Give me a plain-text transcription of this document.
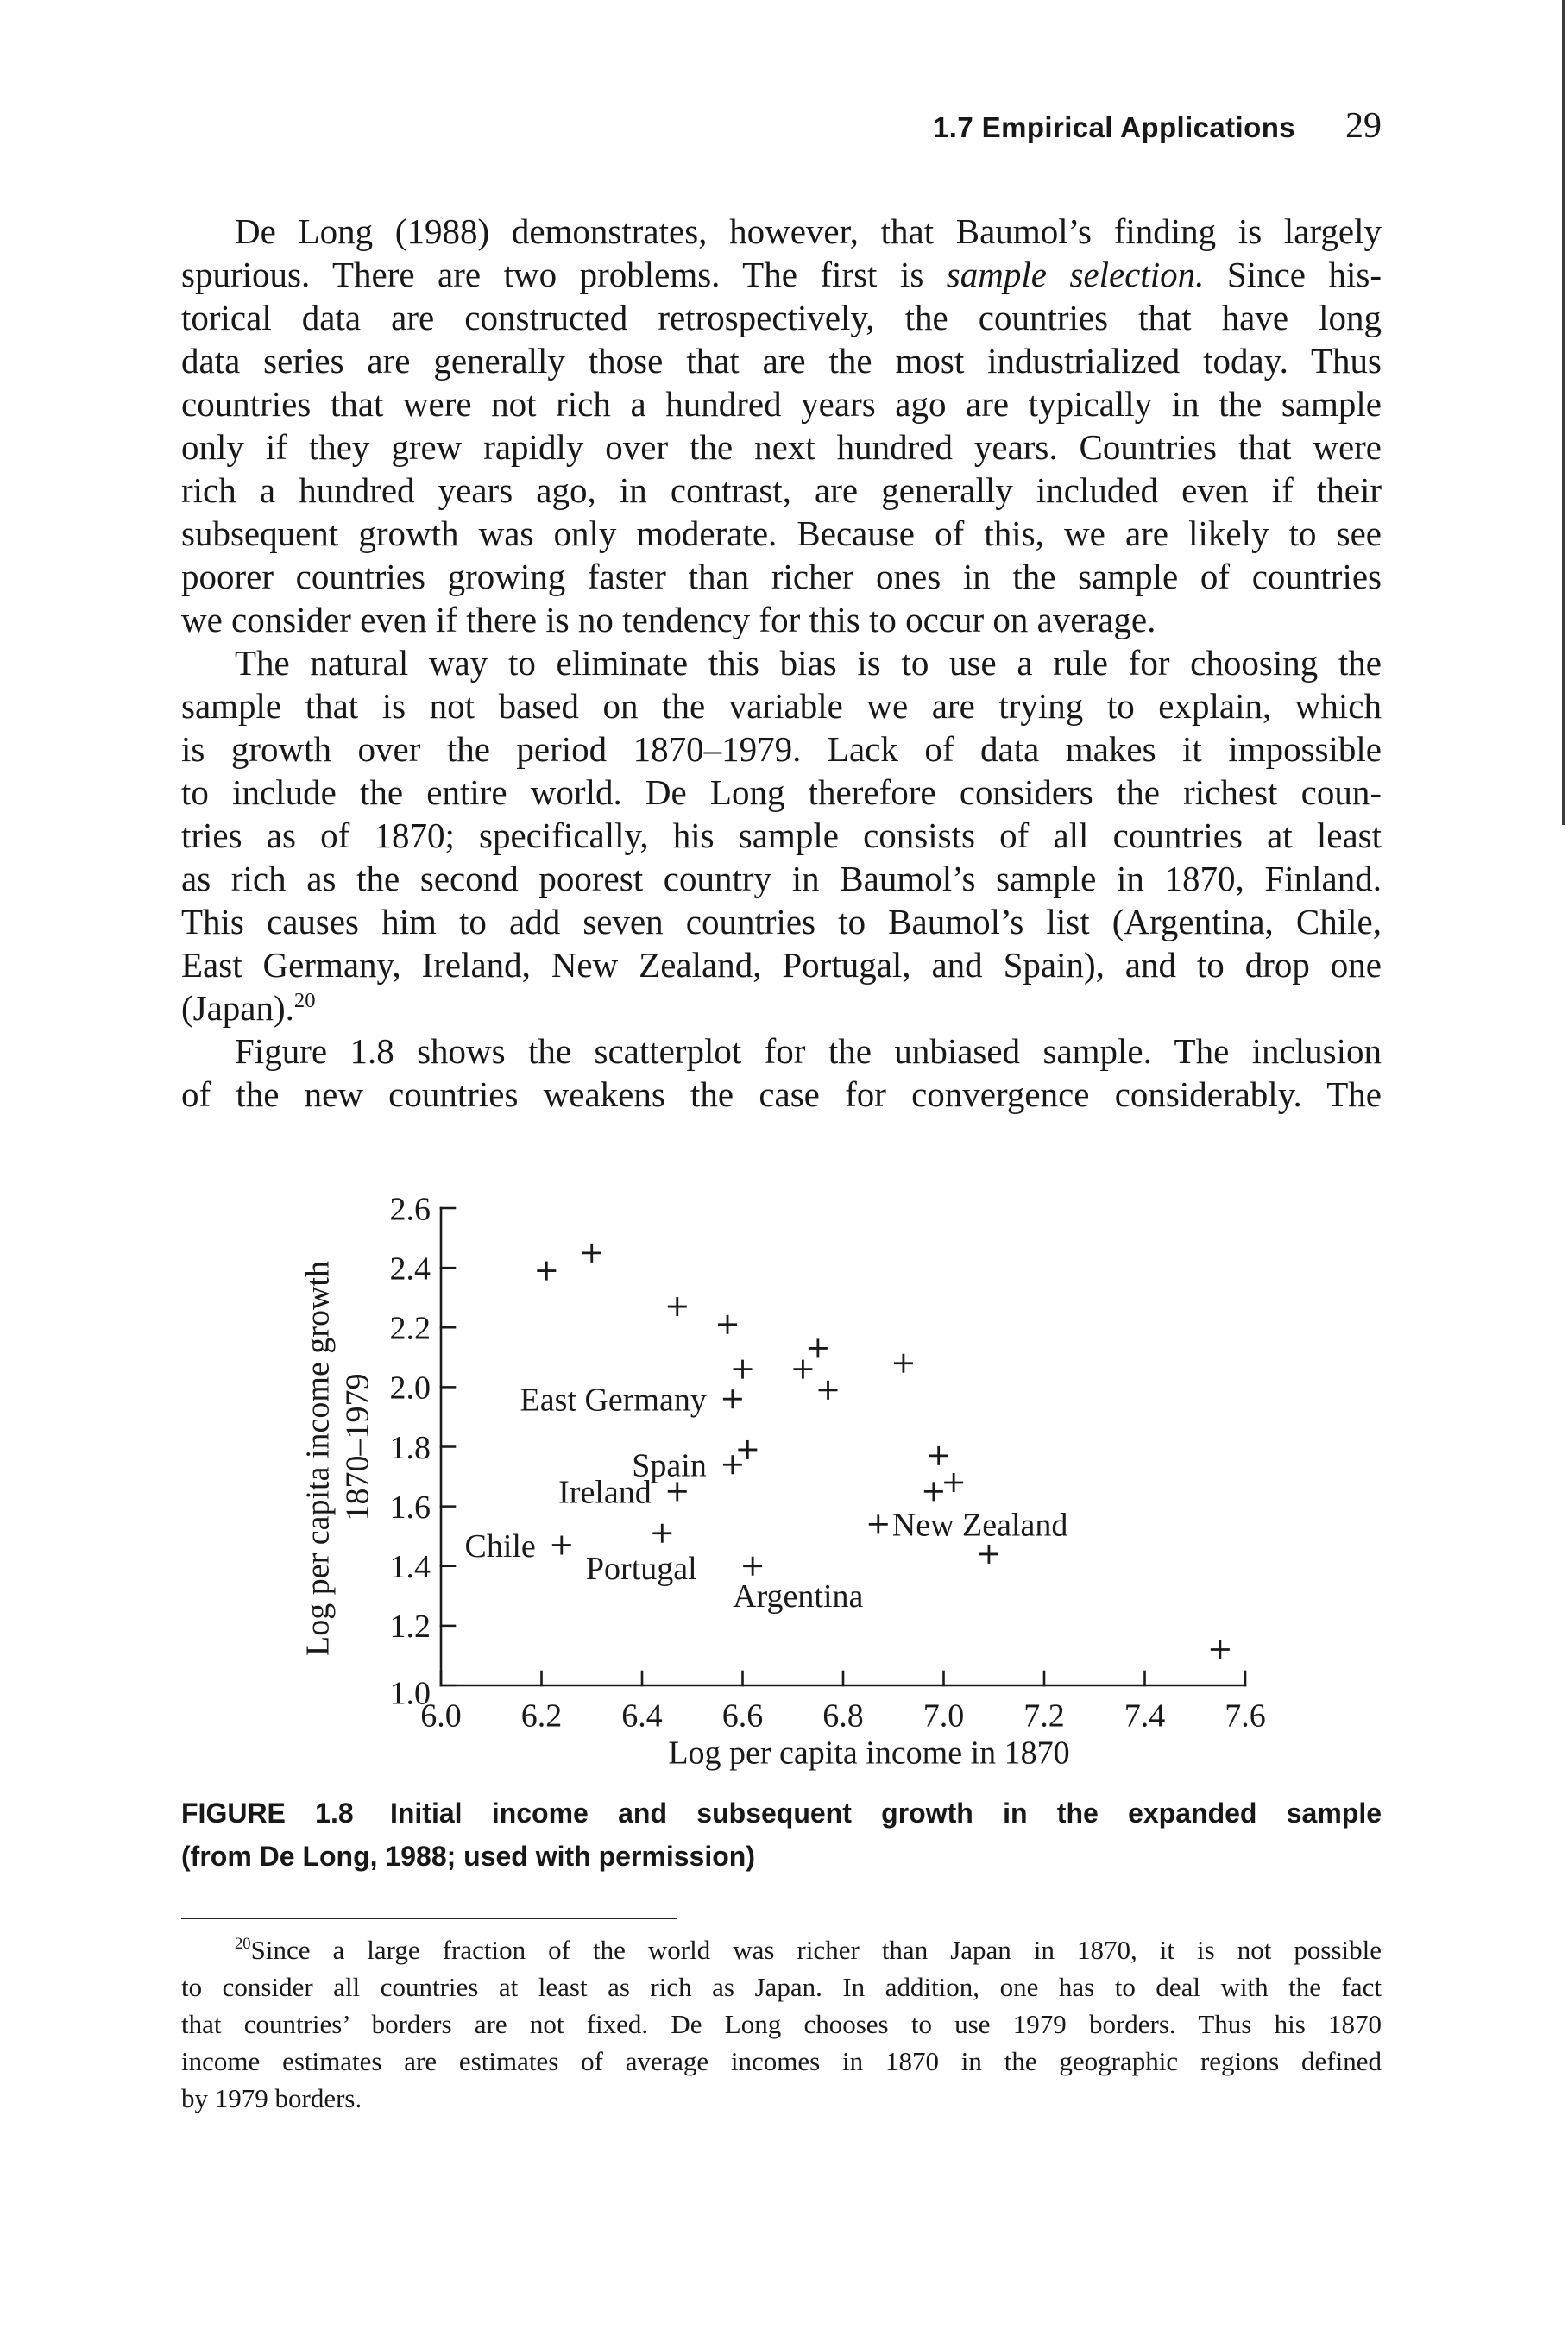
1.7 Empirical Applications 29
De Long (1988) demonstrates, however, that Baumol’s finding is largely
spurious. There are two problems. The first is sample selection. Since his-
torical data are constructed retrospectively, the countries that have long
data series are generally those that are the most industrialized today. Thus
countries that were not rich a hundred years ago are typically in the sample
only if they grew rapidly over the next hundred years. Countries that were
rich a hundred years ago, in contrast, are generally included even if their
subsequent growth was only moderate. Because of this, we are likely to see
poorer countries growing faster than richer ones in the sample of countries
we consider even if there is no tendency for this to occur on average.
The natural way to eliminate this bias is to use a rule for choosing the
sample that is not based on the variable we are trying to explain, which
is growth over the period 1870–1979. Lack of data makes it impossible
to include the entire world. De Long therefore considers the richest coun-
tries as of 1870; specifically, his sample consists of all countries at least
as rich as the second poorest country in Baumol’s sample in 1870, Finland.
This causes him to add seven countries to Baumol’s list (Argentina, Chile,
East Germany, Ireland, New Zealand, Portugal, and Spain), and to drop one
(Japan).$^{20}$
Figure 1.8 shows the scatterplot for the unbiased sample. The inclusion
of the new countries weakens the case for convergence considerably. The
Log per capita income growth 1870–1979
Log per capita income in 1870
2.6
2.4
2.2
2.0
1.8
1.6
1.4
1.2
1.0
6.0 6.2 6.4 6.6 6.8 7.0 7.2 7.4 7.6
East Germany
Spain
Ireland
Chile
Portugal
Argentina
New Zealand
FIGURE 1.8 Initial income and subsequent growth in the expanded sample
(from De Long, 1988; used with permission)
$^{20}$Since a large fraction of the world was richer than Japan in 1870, it is not possible
to consider all countries at least as rich as Japan. In addition, one has to deal with the fact
that countries’ borders are not fixed. De Long chooses to use 1979 borders. Thus his 1870
income estimates are estimates of average incomes in 1870 in the geographic regions defined
by 1979 borders.
